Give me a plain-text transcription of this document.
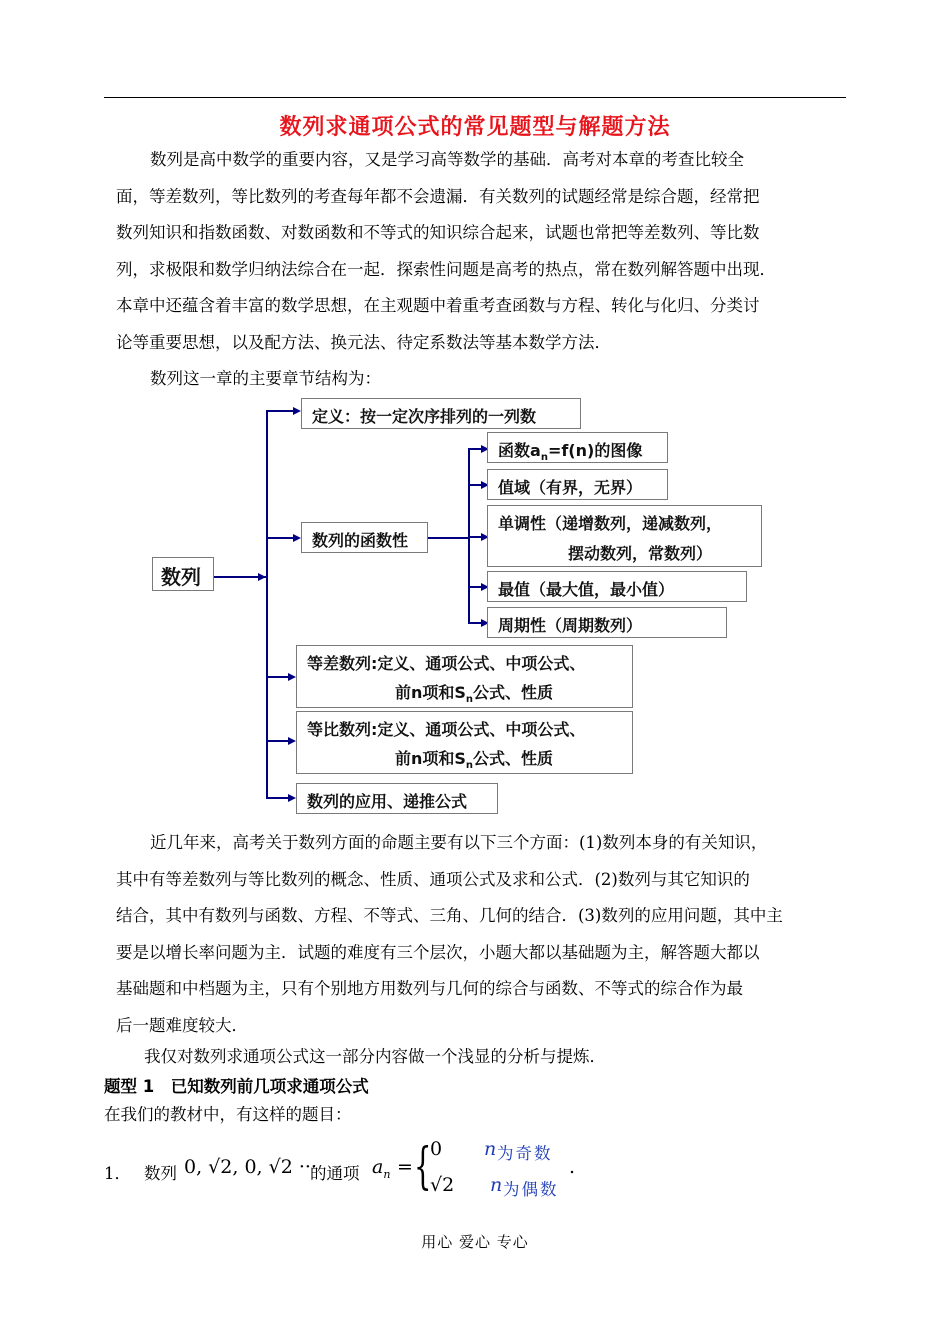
数列求通项公式的常见题型与解题方法
数列是高中数学的重要内容，又是学习高等数学的基础．高考对本章的考查比较全
面，等差数列，等比数列的考查每年都不会遗漏．有关数列的试题经常是综合题，经常把
数列知识和指数函数、对数函数和不等式的知识综合起来，试题也常把等差数列、等比数
列，求极限和数学归纳法综合在一起．探索性问题是高考的热点，常在数列解答题中出现．
本章中还蕴含着丰富的数学思想，在主观题中着重考查函数与方程、转化与化归、分类讨
论等重要思想，以及配方法、换元法、待定系数法等基本数学方法．
数列这一章的主要章节结构为：
数列
定义：按一定次序排列的一列数
数列的函数性
函数$a_n=f(n)$的图像
值域（有界，无界）
单调性（递增数列，递减数列，
摆动数列，常数列）
最值（最大值，最小值）
周期性（周期数列）
等差数列:定义、通项公式、中项公式、
前n项和$S_n$公式、性质
等比数列:定义、通项公式、中项公式、
前n项和$S_n$公式、性质
数列的应用、递推公式
近几年来，高考关于数列方面的命题主要有以下三个方面：(1)数列本身的有关知识，
其中有等差数列与等比数列的概念、性质、通项公式及求和公式．(2)数列与其它知识的
结合，其中有数列与函数、方程、不等式、三角、几何的结合．(3)数列的应用问题，其中主
要是以增长率问题为主．试题的难度有三个层次，小题大都以基础题为主，解答题大都以
基础题和中档题为主，只有个别地方用数列与几何的综合与函数、不等式的综合作为最
后一题难度较大．
我仅对数列求通项公式这一部分内容做一个浅显的分析与提炼．
题型 1　已知数列前几项求通项公式
在我们的教材中，有这样的题目：
1． 数列 0, √2, 0, √2 ···
的通项 $a_n$ = {
0 n 为奇数
√2 n 为偶数
.
用心 爱心 专心
